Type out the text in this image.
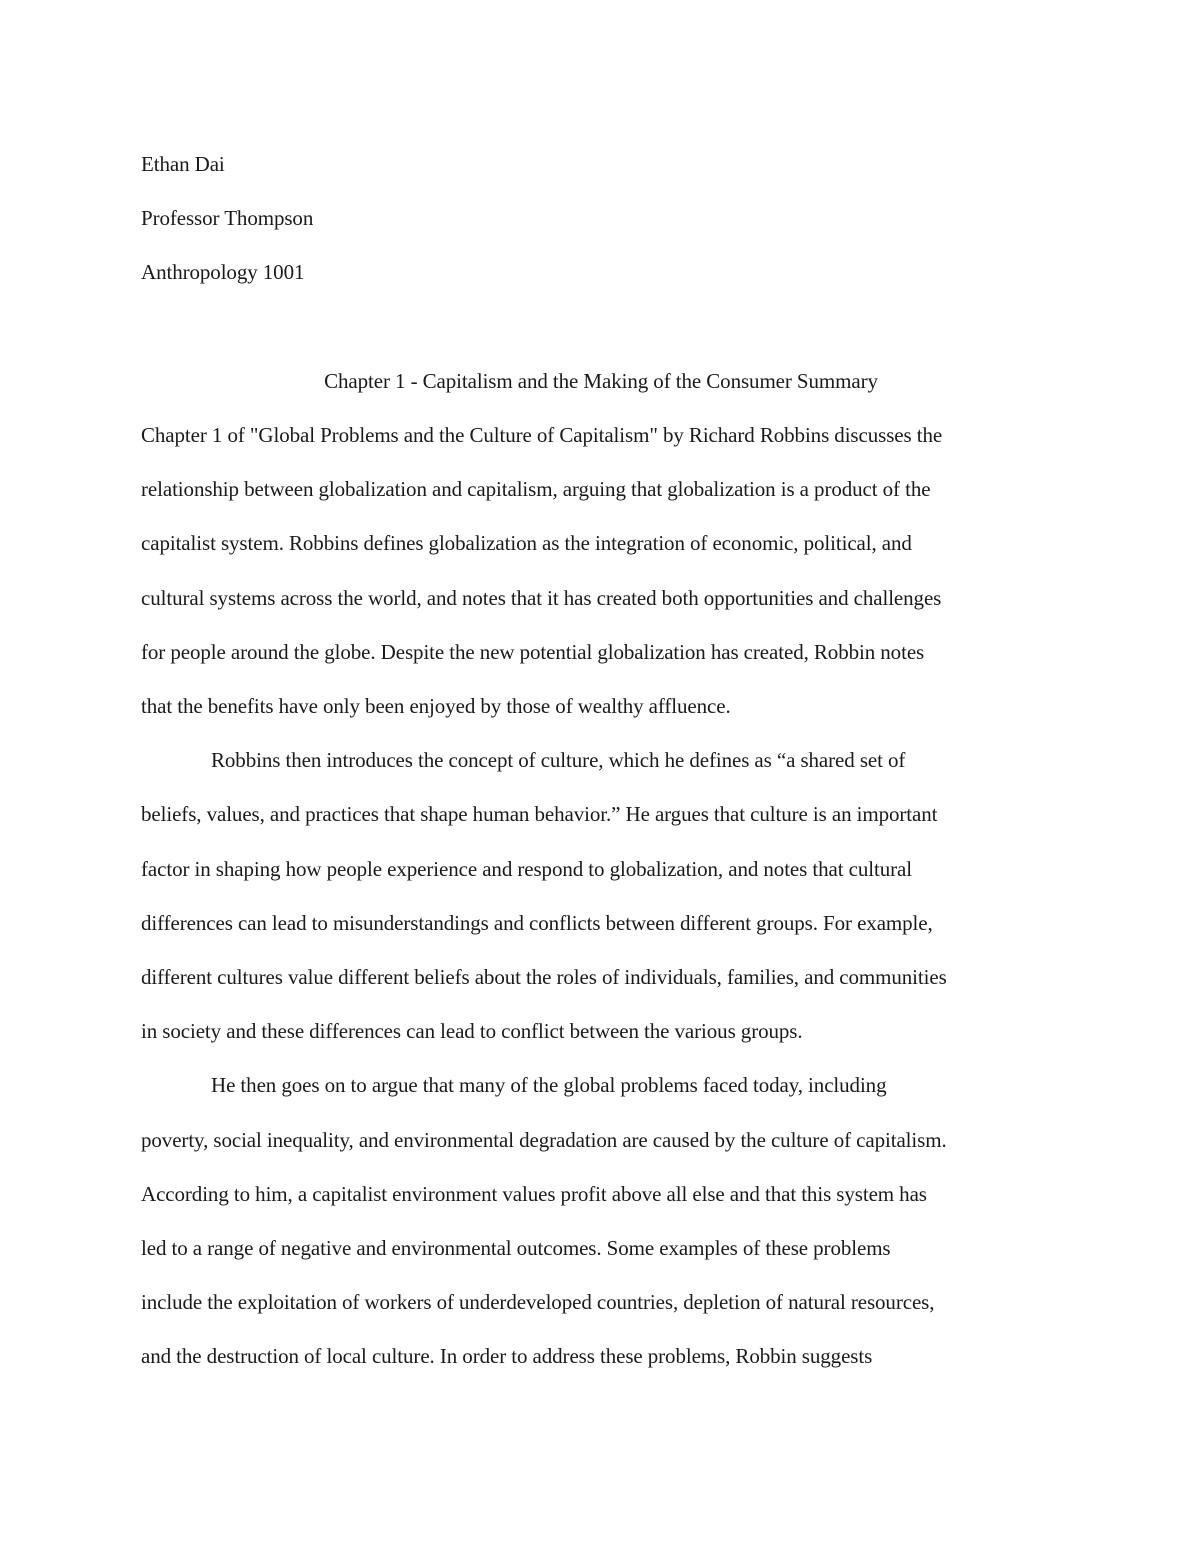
Ethan Dai

Professor Thompson

Anthropology 1001

Chapter 1 - Capitalism and the Making of the Consumer Summary

Chapter 1 of "Global Problems and the Culture of Capitalism" by Richard Robbins discusses the

relationship between globalization and capitalism, arguing that globalization is a product of the

capitalist system. Robbins defines globalization as the integration of economic, political, and

cultural systems across the world, and notes that it has created both opportunities and challenges

for people around the globe. Despite the new potential globalization has created, Robbin notes

that the benefits have only been enjoyed by those of wealthy affluence.

Robbins then introduces the concept of culture, which he defines as “a shared set of

beliefs, values, and practices that shape human behavior.” He argues that culture is an important

factor in shaping how people experience and respond to globalization, and notes that cultural

differences can lead to misunderstandings and conflicts between different groups. For example,

different cultures value different beliefs about the roles of individuals, families, and communities

in society and these differences can lead to conflict between the various groups.

He then goes on to argue that many of the global problems faced today, including

poverty, social inequality, and environmental degradation are caused by the culture of capitalism.

According to him, a capitalist environment values profit above all else and that this system has

led to a range of negative and environmental outcomes. Some examples of these problems

include the exploitation of workers of underdeveloped countries, depletion of natural resources,

and the destruction of local culture. In order to address these problems, Robbin suggests
